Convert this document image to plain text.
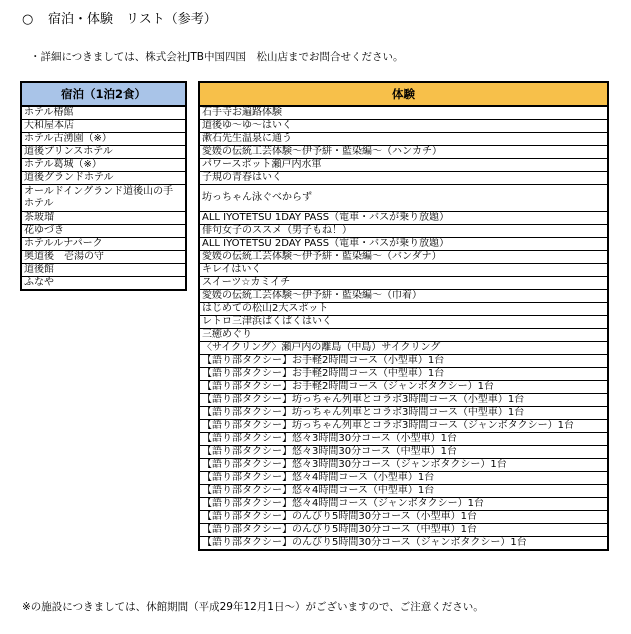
○ 宿泊・体験　リスト（参考）
・詳細につきましては、株式会社JTB中国四国　松山店までお問合せください。
宿泊（1泊2食）
ホテル椿館
大和屋本店
ホテル古湧園（※）
道後プリンスホテル
ホテル葛城（※）
道後グランドホテル
オールドイングランド道後山の手ホテル
茶玻瑠
花ゆづき
ホテルルナパーク
奥道後　壱湯の守
道後館
ふなや
体験
石手寺お遍路体験
道後ゆ～ゆ～はいく
漱石先生温泉に通う
愛媛の伝統工芸体験～伊予絣・藍染編～（ハンカチ）
パワースポット瀬戸内水軍
子規の青春はいく
坊っちゃん泳ぐべからず
ALL IYOTETSU 1DAY PASS（電車・バスが乗り放題）
俳句女子のススメ（男子もね！）
ALL IYOTETSU 2DAY PASS（電車・バスが乗り放題）
愛媛の伝統工芸体験～伊予絣・藍染編～（バンダナ）
キレイはいく
スイーツ☆カミイチ
愛媛の伝統工芸体験～伊予絣・藍染編～（巾着）
はじめての松山2大スポット
レトロ三津浜ぱくぱくはいく
三癒めぐり
〈サイクリング〉瀬戸内の離島（中島）サイクリング
【語り部タクシー】お手軽2時間コース（小型車）1台
【語り部タクシー】お手軽2時間コース（中型車）1台
【語り部タクシー】お手軽2時間コース（ジャンボタクシー）1台
【語り部タクシー】坊っちゃん列車とコラボ3時間コース（小型車）1台
【語り部タクシー】坊っちゃん列車とコラボ3時間コース（中型車）1台
【語り部タクシー】坊っちゃん列車とコラボ3時間コース（ジャンボタクシー）1台
【語り部タクシー】悠々3時間30分コース（小型車）1台
【語り部タクシー】悠々3時間30分コース（中型車）1台
【語り部タクシー】悠々3時間30分コース（ジャンボタクシー）1台
【語り部タクシー】悠々4時間コース（小型車）1台
【語り部タクシー】悠々4時間コース（中型車）1台
【語り部タクシー】悠々4時間コース（ジャンボタクシー）1台
【語り部タクシー】のんびり5時間30分コース（小型車）1台
【語り部タクシー】のんびり5時間30分コース（中型車）1台
【語り部タクシー】のんびり5時間30分コース（ジャンボタクシー）1台
※の施設につきましては、休館期間（平成29年12月1日～）がございますので、ご注意ください。
